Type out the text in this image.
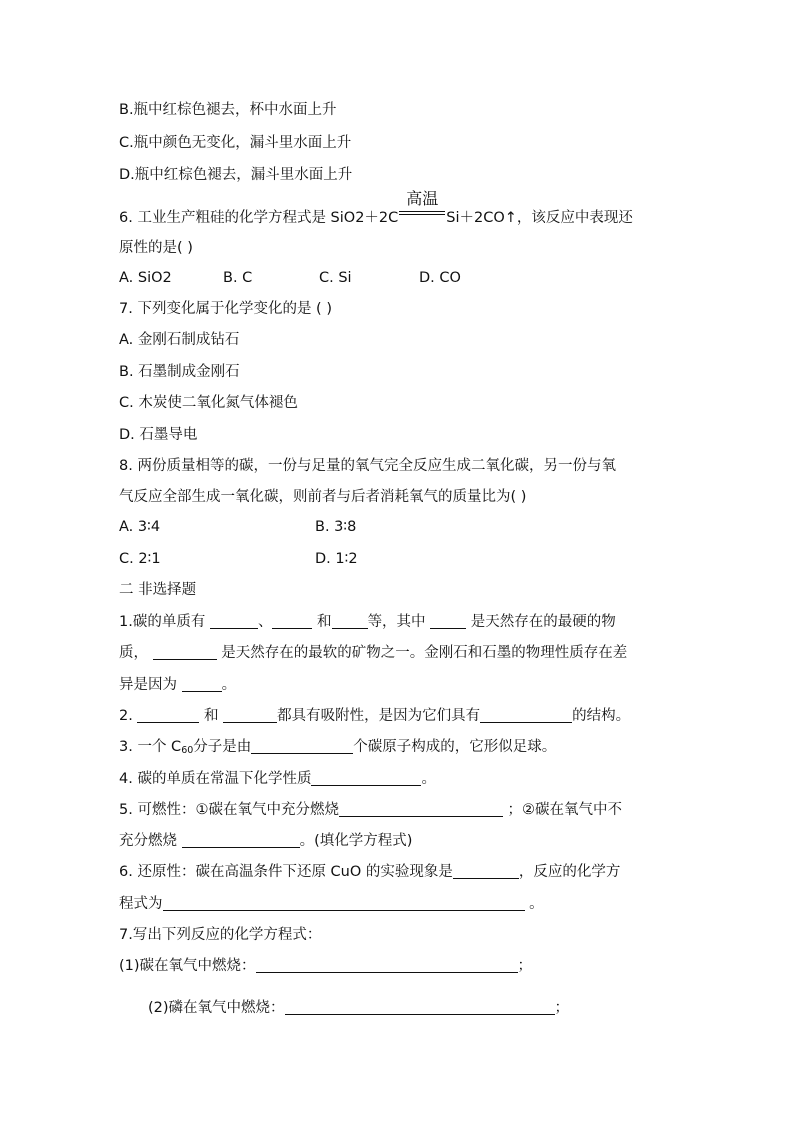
B.瓶中红棕色褪去，杯中水面上升
C.瓶中颜色无变化，漏斗里水面上升
D.瓶中红棕色褪去，漏斗里水面上升
6. 工业生产粗硅的化学方程式是 SiO2＋2C
高温
Si＋2CO↑，该反应中表现还
原性的是( )
A. SiO2	B. C	C. Si	D. CO
7. 下列变化属于化学变化的是 ( )
A. 金刚石制成钻石
B. 石墨制成金刚石
C. 木炭使二氧化氮气体褪色
D. 石墨导电
8. 两份质量相等的碳，一份与足量的氧气完全反应生成二氧化碳，另一份与氧
气反应全部生成一氧化碳，则前者与后者消耗氧气的质量比为( )
A. 3∶4	B. 3∶8
C. 2∶1	D. 1∶2
二 非选择题
1.碳的单质有	、	和 等，其中  是天然存在的最硬的物
质，	是天然存在的最软的矿物之一。金刚石和石墨的物理性质存在差
异是因为	。
2.	和	都具有吸附性，是因为它们具有	的结构。
3. 一个 $C_{60}$分子是由	个碳原子构成的，它形似足球。
4. 碳的单质在常温下化学性质	。
5. 可燃性：①碳在氧气中充分燃烧	；②碳在氧气中不
充分燃烧	。(填化学方程式)
6. 还原性：碳在高温条件下还原 CuO 的实验现象是	，反应的化学方
程式为	。
7.写出下列反应的化学方程式：
(1)碳在氧气中燃烧：	；
(2)磷在氧气中燃烧：	；
